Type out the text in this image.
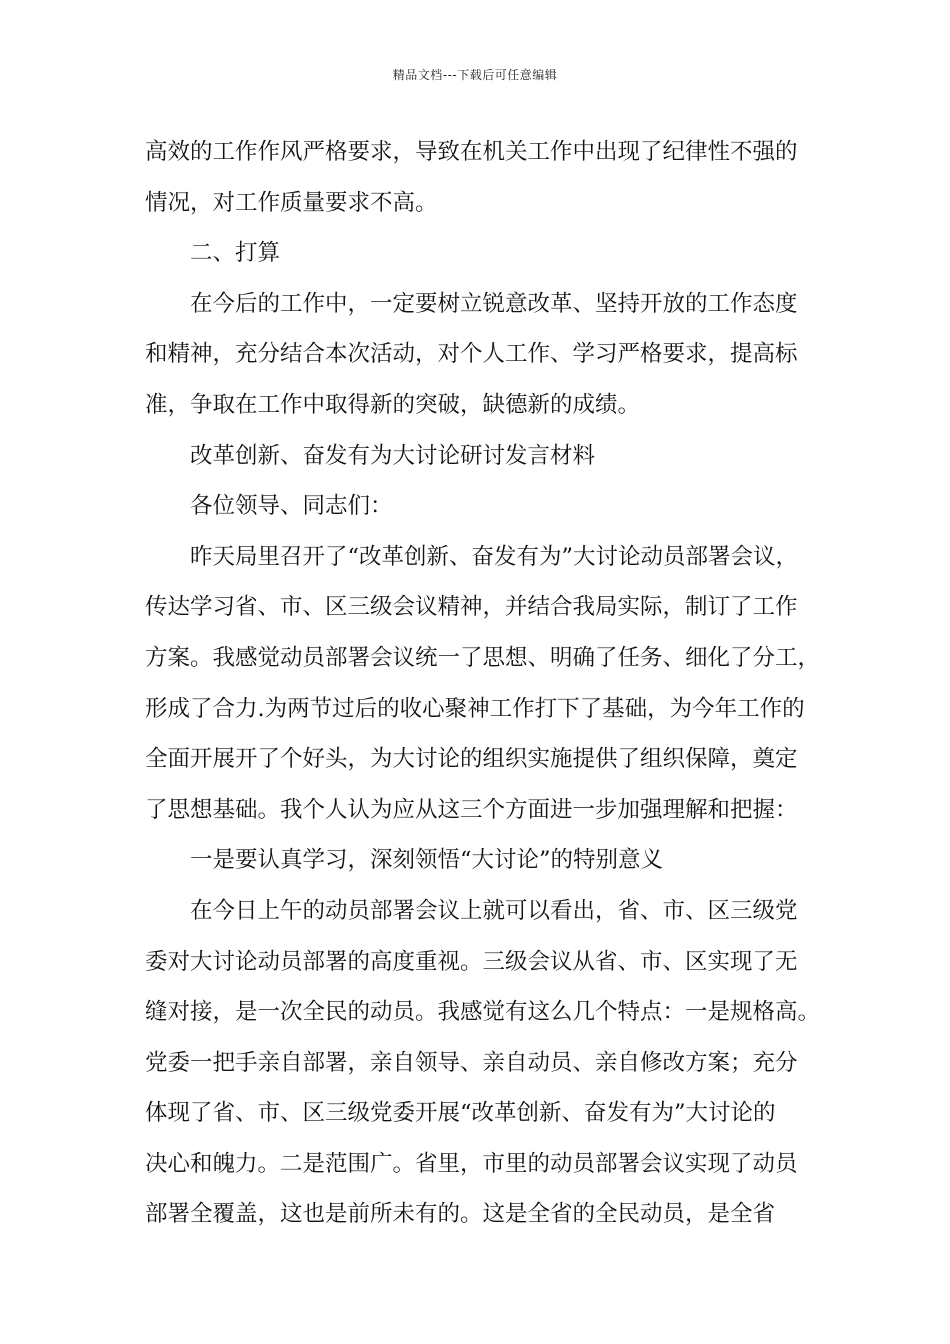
精品文档---下载后可任意编辑
高效的工作作风严格要求，导致在机关工作中出现了纪律性不强的
情况，对工作质量要求不高。
二、打算
在今后的工作中，一定要树立锐意改革、坚持开放的工作态度
和精神，充分结合本次活动，对个人工作、学习严格要求，提高标
准，争取在工作中取得新的突破，缺德新的成绩。
改革创新、奋发有为大讨论研讨发言材料
各位领导、同志们：
昨天局里召开了“改革创新、奋发有为”大讨论动员部署会议，
传达学习省、市、区三级会议精神，并结合我局实际，制订了工作
方案。我感觉动员部署会议统一了思想、明确了任务、细化了分工，
形成了合力.为两节过后的收心聚神工作打下了基础，为今年工作的
全面开展开了个好头，为大讨论的组织实施提供了组织保障，奠定
了思想基础。我个人认为应从这三个方面进一步加强理解和把握：
一是要认真学习，深刻领悟“大讨论”的特别意义
在今日上午的动员部署会议上就可以看出，省、市、区三级党
委对大讨论动员部署的高度重视。三级会议从省、市、区实现了无
缝对接，是一次全民的动员。我感觉有这么几个特点：一是规格高。
党委一把手亲自部署，亲自领导、亲自动员、亲自修改方案；充分
体现了省、市、区三级党委开展“改革创新、奋发有为”大讨论的
决心和魄力。二是范围广。省里，市里的动员部署会议实现了动员
部署全覆盖，这也是前所未有的。这是全省的全民动员，是全省
